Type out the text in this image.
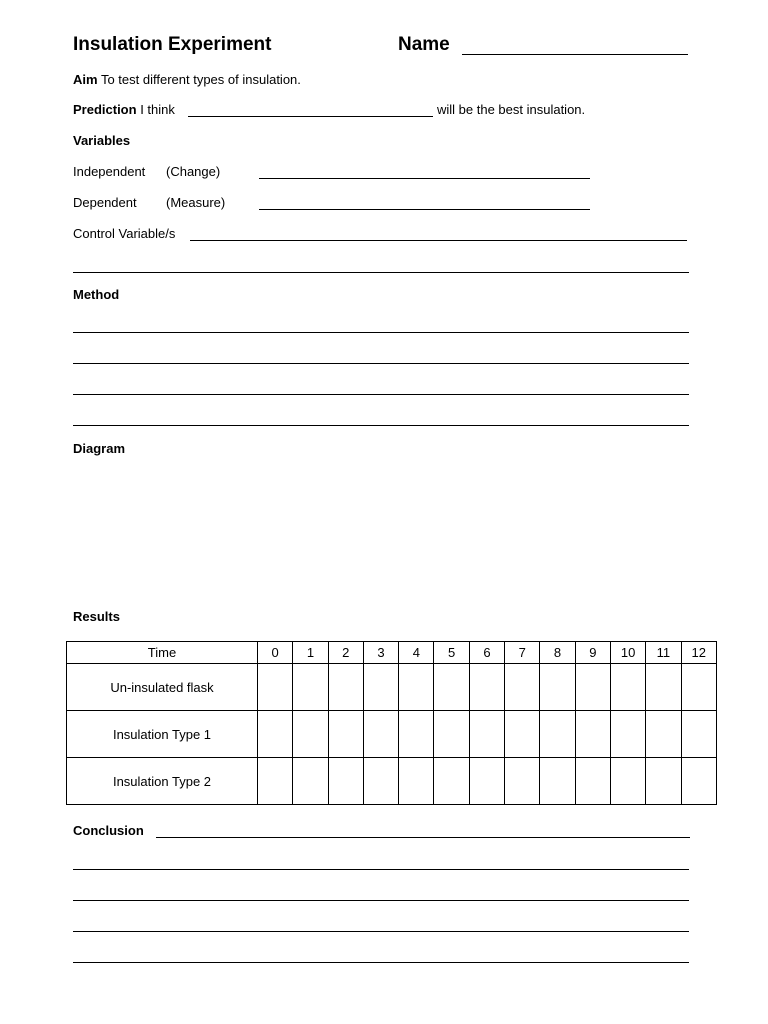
Insulation Experiment	Name
Aim To test different types of insulation.
Prediction I think	will be the best insulation.
Variables
Independent (Change)
Dependent (Measure)
Control Variable/s
Method
Diagram
Results
Time	0	1	2	3	4	5	6	7	8	9	10	11	12
Un-insulated flask													
Insulation Type 1													
Insulation Type 2													
Conclusion
